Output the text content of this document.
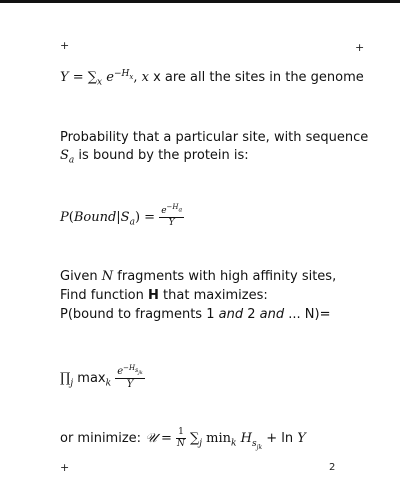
+	+
+	2
$Y = \sum_x$ $e^{-H_x}$, x x are all the sites in the genome
Probability that a particular site, with sequence
$S_a$ is bound by the protein is:
$P(Bound|S_a) = \frac{e^{-H_a}}{Y}$
Given N fragments with high affinity sites,
Find function H that maximizes:
P(bound to fragments 1 and 2 and ... N)=
$\prod_j$ $\max_k \frac{e^{-H_{s_{jk}}}}{Y}$
or minimize: 𝒰 = $\frac{1}{N} \sum_j$ $\min_k H_{s_{jk}} + \ln Y$
